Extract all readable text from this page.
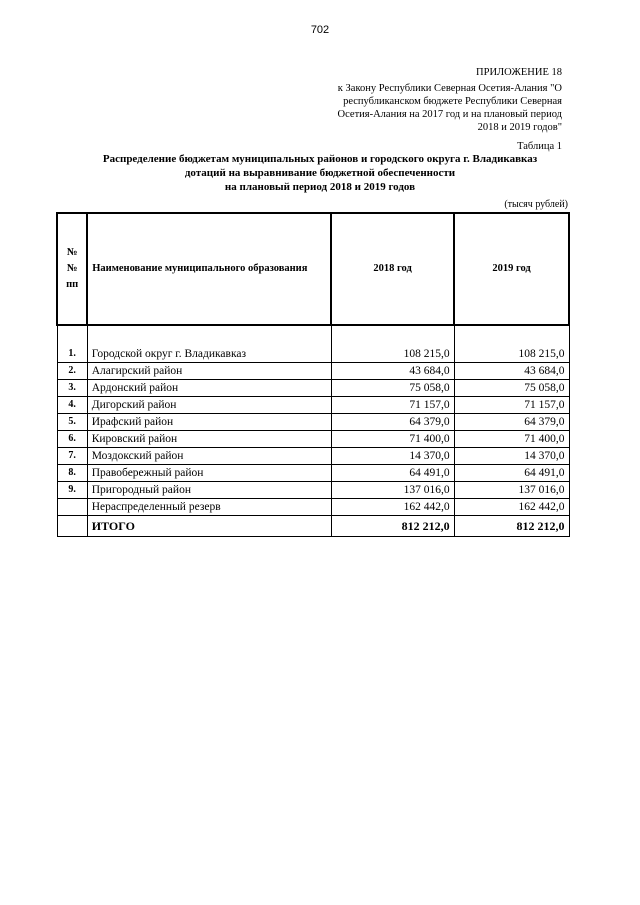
702
ПРИЛОЖЕНИЕ 18
к Закону Республики Северная Осетия-Алания "О
республиканском бюджете Республики Северная
Осетия-Алания на 2017 год и на плановый период
2018 и 2019 годов"
Таблица 1
Распределение бюджетам муниципальных районов и городского округа г. Владикавказ
дотаций на выравнивание бюджетной обеспеченности
на плановый период 2018 и 2019 годов
(тысяч рублей)
№№ пп	Наименование муниципального образования	2018 год	2019 год

1.	Городской округ г. Владикавказ	108 215,0	108 215,0
2.	Алагирский район	43 684,0	43 684,0
3.	Ардонский район	75 058,0	75 058,0
4.	Дигорский район	71 157,0	71 157,0
5.	Ирафский район	64 379,0	64 379,0
6.	Кировский район	71 400,0	71 400,0
7.	Моздокский район	14 370,0	14 370,0
8.	Правобережный район	64 491,0	64 491,0
9.	Пригородный район	137 016,0	137 016,0
	Нераспределенный резерв	162 442,0	162 442,0
	ИТОГО	812 212,0	812 212,0
